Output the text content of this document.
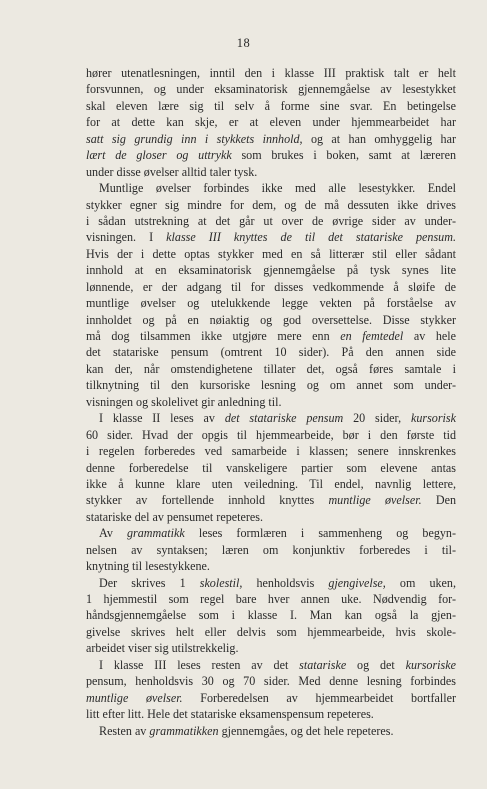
18
hører utenatlesningen, inntil den i klasse III praktisk talt er helt
forsvunnen, og under eksaminatorisk gjennemgåelse av lesestykket
skal eleven lære sig til selv å forme sine svar. En betingelse
for at dette kan skje, er at eleven under hjemmearbeidet har
satt sig grundig inn i stykkets innhold, og at han omhyggelig har
lært de gloser og uttrykk som brukes i boken, samt at læreren
under disse øvelser alltid taler tysk.
Muntlige øvelser forbindes ikke med alle lesestykker. Endel
stykker egner sig mindre for dem, og de må dessuten ikke drives
i sådan utstrekning at det går ut over de øvrige sider av under-
visningen. I klasse III knyttes de til det statariske pensum.
Hvis der i dette optas stykker med en så litterær stil eller sådant
innhold at en eksaminatorisk gjennemgåelse på tysk synes lite
lønnende, er der adgang til for disses vedkommende å sløife de
muntlige øvelser og utelukkende legge vekten på forståelse av
innholdet og på en nøiaktig og god oversettelse. Disse stykker
må dog tilsammen ikke utgjøre mere enn en femtedel av hele
det statariske pensum (omtrent 10 sider). På den annen side
kan der, når omstendighetene tillater det, også føres samtale i
tilknytning til den kursoriske lesning og om annet som under-
visningen og skolelivet gir anledning til.
I klasse II leses av det statariske pensum 20 sider, kursorisk
60 sider. Hvad der opgis til hjemmearbeide, bør i den første tid
i regelen forberedes ved samarbeide i klassen; senere innskrenkes
denne forberedelse til vanskeligere partier som elevene antas
ikke å kunne klare uten veiledning. Til endel, navnlig lettere,
stykker av fortellende innhold knyttes muntlige øvelser. Den
statariske del av pensumet repeteres.
Av grammatikk leses formlæren i sammenheng og begyn-
nelsen av syntaksen; læren om konjunktiv forberedes i til-
knytning til lesestykkene.
Der skrives 1 skolestil, henholdsvis gjengivelse, om uken,
1 hjemmestil som regel bare hver annen uke. Nødvendig for-
håndsgjennemgåelse som i klasse I. Man kan også la gjen-
givelse skrives helt eller delvis som hjemmearbeide, hvis skole-
arbeidet viser sig utilstrekkelig.
I klasse III leses resten av det statariske og det kursoriske
pensum, henholdsvis 30 og 70 sider. Med denne lesning forbindes
muntlige øvelser. Forberedelsen av hjemmearbeidet bortfaller
litt efter litt. Hele det statariske eksamenspensum repeteres.
Resten av grammatikken gjennemgåes, og det hele repeteres.
